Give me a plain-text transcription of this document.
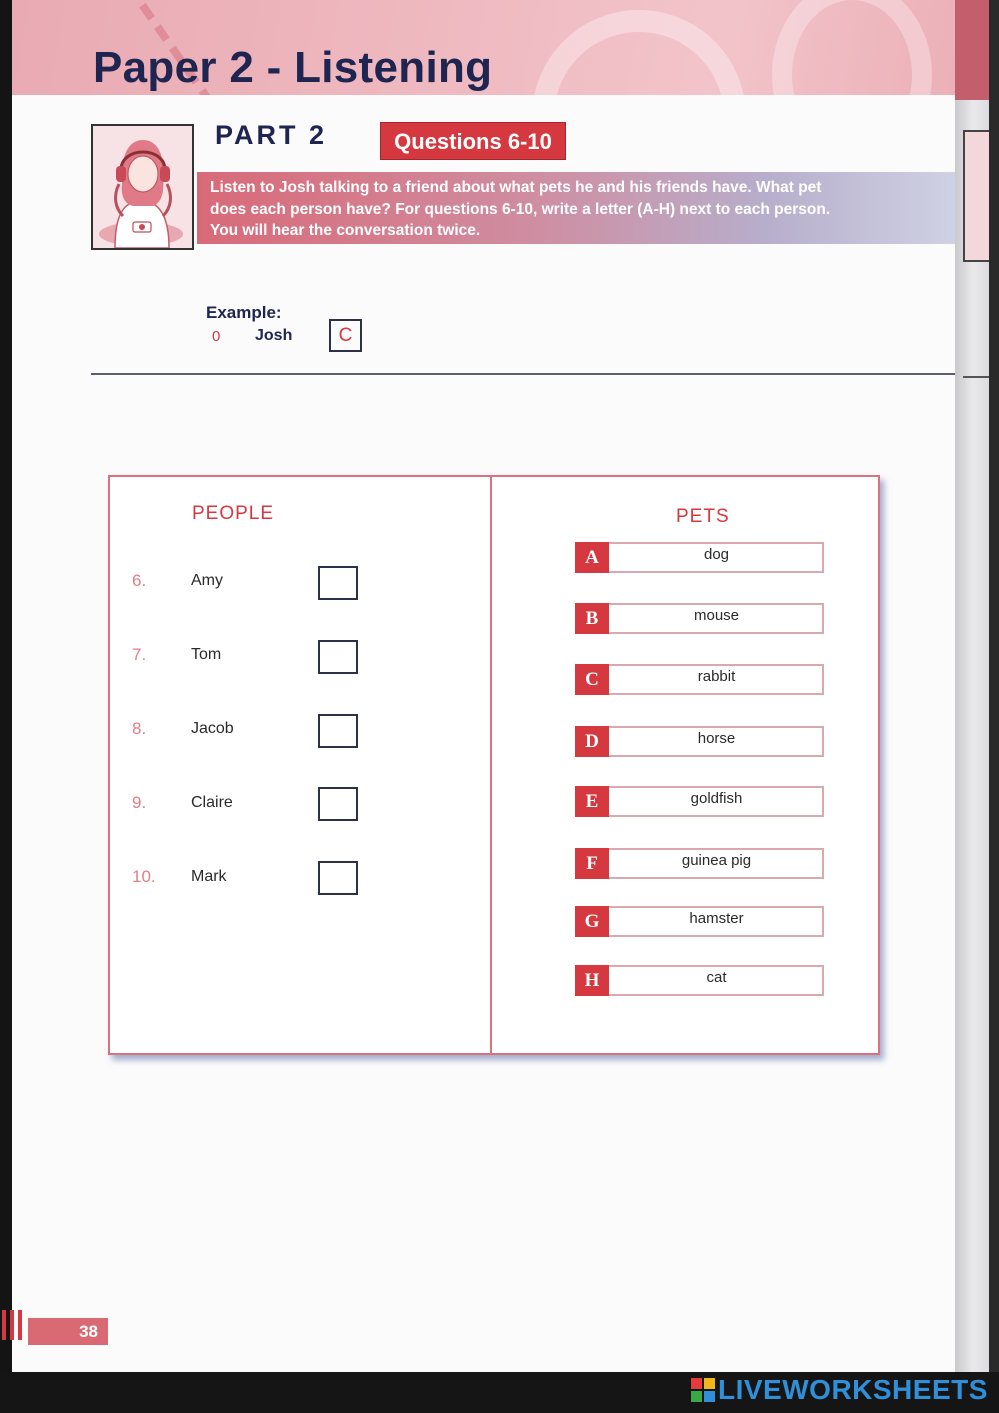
Paper 2 - Listening
PART 2	Questions 6-10

Listen to Josh talking to a friend about what pets he and his friends have. What pet does each person have? For questions 6-10, write a letter (A-H) next to each person. You will hear the conversation twice.

Example:
0 Josh	C
PEOPLE	PETS
6.	Amy
7.	Tom
8.	Jacob
9.	Claire
10. Mark
A	dog
B	mouse
C	rabbit
D	horse
E	goldfish
F	guinea pig
G	hamster
H	cat
38
LIVEWORKSHEETS
